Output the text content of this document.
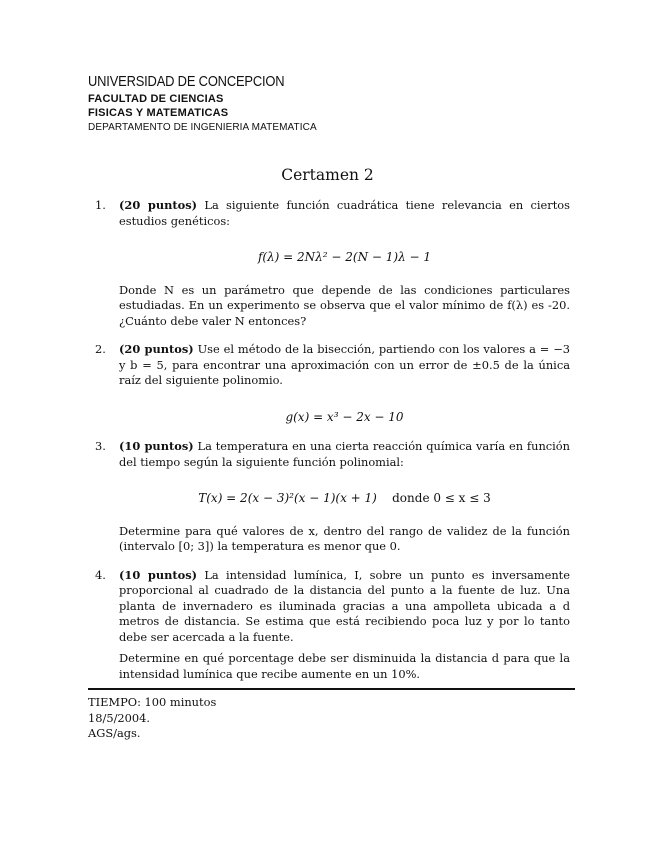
UNIVERSIDAD DE CONCEPCION
FACULTAD DE CIENCIAS
FISICAS Y MATEMATICAS
DEPARTAMENTO DE INGENIERIA MATEMATICA
Certamen 2
1.	(20 puntos) La siguiente función cuadrática tiene relevancia en ciertos estudios genéticos:

f(λ) = 2Nλ² − 2(N − 1)λ − 1

Donde N es un parámetro que depende de las condiciones particulares estudiadas. En un experimento se observa que el valor mínimo de f(λ) es -20. ¿Cuánto debe valer N entonces?

2.	(20 puntos) Use el método de la bisección, partiendo con los valores a = −3 y b = 5, para encontrar una aproximación con un error de ±0.5 de la única raíz del siguiente polinomio.

g(x) = x³ − 2x − 10
3.	(10 puntos) La temperatura en una cierta reacción química varía en función del tiempo según la siguiente función polinomial:

T(x) = 2(x − 3)²(x − 1)(x + 1) donde 0 ≤ x ≤ 3

Determine para qué valores de x, dentro del rango de validez de la función (intervalo [0; 3]) la temperatura es menor que 0.

4.	(10 puntos) La intensidad lumínica, I, sobre un punto es inversamente proporcional al cuadrado de la distancia del punto a la fuente de luz. Una planta de invernadero es iluminada gracias a una ampolleta ubicada a d metros de distancia. Se estima que está recibiendo poca luz y por lo tanto debe ser acercada a la fuente.

Determine en qué porcentage debe ser disminuida la distancia d para que la intensidad lumínica que recibe aumente en un 10%.

TIEMPO: 100 minutos
18/5/2004.
AGS/ags.
